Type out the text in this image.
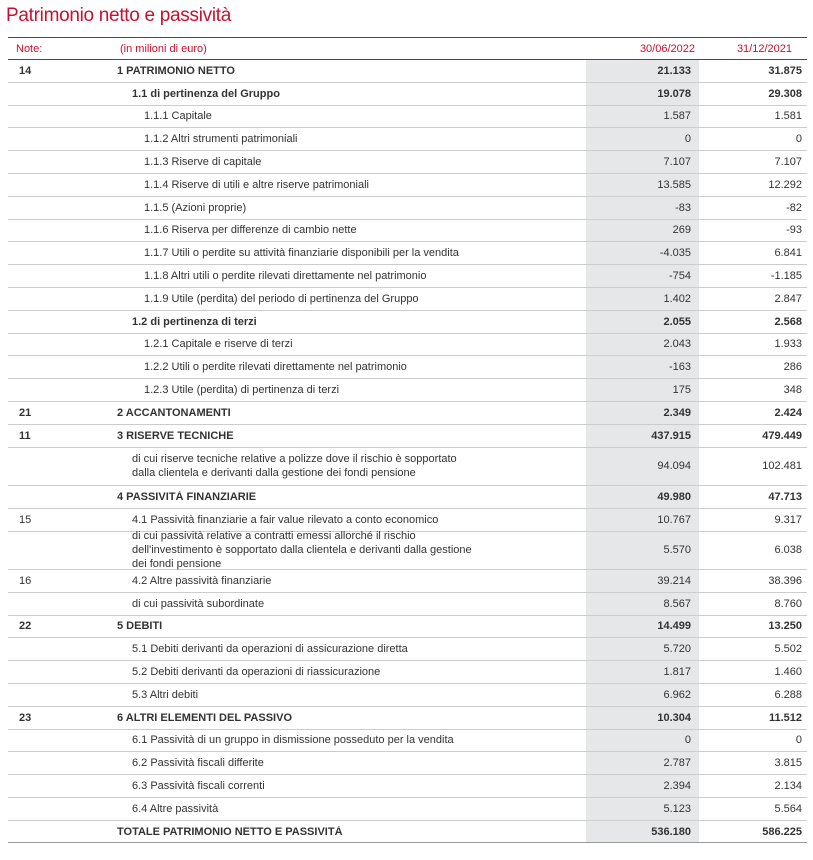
Patrimonio netto e passività
Note:	(in milioni di euro)	30/06/2022	31/12/2021
14	1 PATRIMONIO NETTO	21.133	31.875
1.1 di pertinenza del Gruppo	19.078	29.308
1.1.1 Capitale	1.587	1.581
1.1.2 Altri strumenti patrimoniali	0	0
1.1.3 Riserve di capitale	7.107	7.107
1.1.4 Riserve di utili e altre riserve patrimoniali	13.585	12.292
1.1.5 (Azioni proprie)	-83	-82
1.1.6 Riserva per differenze di cambio nette	269	-93
1.1.7 Utili o perdite su attività finanziarie disponibili per la vendita	-4.035	6.841
1.1.8 Altri utili o perdite rilevati direttamente nel patrimonio	-754	-1.185
1.1.9 Utile (perdita) del periodo di pertinenza del Gruppo	1.402	2.847
1.2 di pertinenza di terzi	2.055	2.568
1.2.1 Capitale e riserve di terzi	2.043	1.933
1.2.2 Utili o perdite rilevati direttamente nel patrimonio	-163	286
1.2.3 Utile (perdita) di pertinenza di terzi	175	348
21	2 ACCANTONAMENTI	2.349	2.424
11	3 RISERVE TECNICHE	437.915	479.449
di cui riserve tecniche relative a polizze dove il rischio è sopportato dalla clientela e derivanti dalla gestione dei fondi pensione
94.094	102.481
4 PASSIVITÀ FINANZIARIE	49.980	47.713
15	4.1 Passività finanziarie a fair value rilevato a conto economico	10.767	9.317
di cui passività relative a contratti emessi allorché il rischio dell'investimento è sopportato dalla clientela e derivanti dalla gestione dei fondi pensione
5.570	6.038
16	4.2 Altre passività finanziarie	39.214	38.396
di cui passività subordinate	8.567	8.760
22	5 DEBITI	14.499	13.250
5.1 Debiti derivanti da operazioni di assicurazione diretta	5.720	5.502
5.2 Debiti derivanti da operazioni di riassicurazione	1.817	1.460
5.3 Altri debiti	6.962	6.288
23	6 ALTRI ELEMENTI DEL PASSIVO	10.304	11.512
6.1 Passività di un gruppo in dismissione posseduto per la vendita	0	0
6.2 Passività fiscali differite	2.787	3.815
6.3 Passività fiscali correnti	2.394	2.134
6.4 Altre passività	5.123	5.564
TOTALE PATRIMONIO NETTO E PASSIVITÀ	536.180	586.225
